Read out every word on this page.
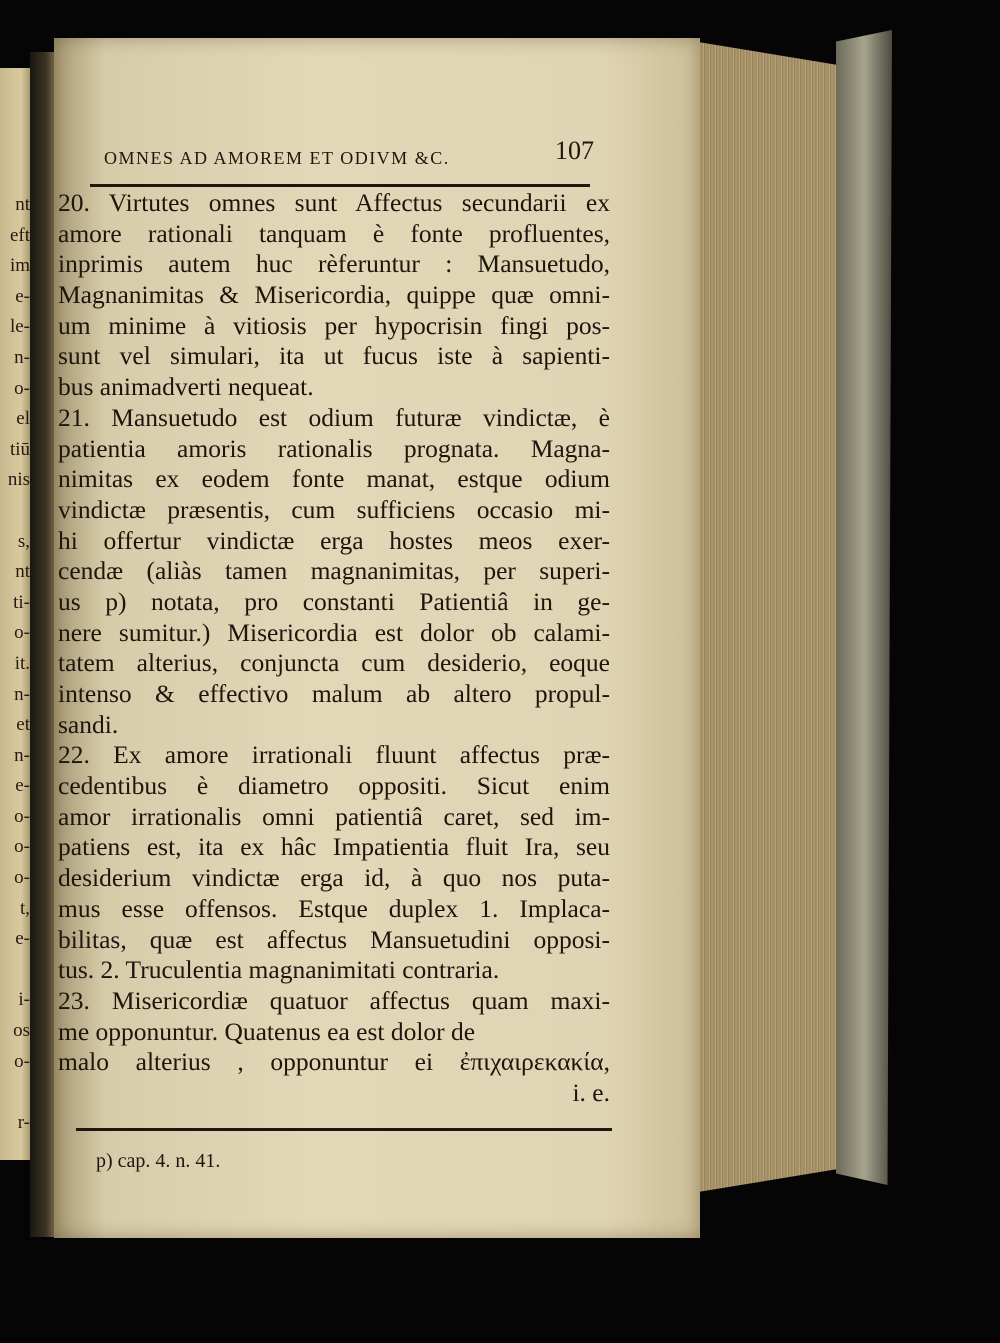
nt
eft
im
e-
le-
n-
o-
el
tiū
nis
s,
nt
ti-
o-
it.
n-
et
n-
e-
o-
o-
o-
t,
e-
i-
os
o-
r-
OMNES AD AMOREM ET ODIVM &C.	107
20. Virtutes omnes sunt Affectus secundarii ex
amore rationali tanquam è fonte profluentes,
inprimis autem huc rèferuntur : Mansuetudo,
Magnanimitas & Misericordia, quippe quæ omni-
um minime à vitiosis per hypocrisin fingi pos-
sunt vel simulari, ita ut fucus iste à sapienti-
bus animadverti nequeat.
21. Mansuetudo est odium futuræ vindictæ, è
patientia amoris rationalis prognata. Magna-
nimitas ex eodem fonte manat, estque odium
vindictæ præsentis, cum sufficiens occasio mi-
hi offertur vindictæ erga hostes meos exer-
cendæ (aliàs tamen magnanimitas, per superi-
us p) notata, pro constanti Patientiâ in ge-
nere sumitur.) Misericordia est dolor ob calami-
tatem alterius, conjuncta cum desiderio, eoque
intenso & effectivo malum ab altero propul-
sandi.
22. Ex amore irrationali fluunt affectus præ-
cedentibus è diametro oppositi. Sicut enim
amor irrationalis omni patientiâ caret, sed im-
patiens est, ita ex hâc Impatientia fluit Ira, seu
desiderium vindictæ erga id, à quo nos puta-
mus esse offensos. Estque duplex 1. Implaca-
bilitas, quæ est affectus Mansuetudini opposi-
tus. 2. Truculentia magnanimitati contraria.
23. Misericordiæ quatuor affectus quam maxi-
me opponuntur. Quatenus ea est dolor de
malo alterius , opponuntur ei ἐπιχαιρεκακία,
i. e.
p) cap. 4. n. 41.
